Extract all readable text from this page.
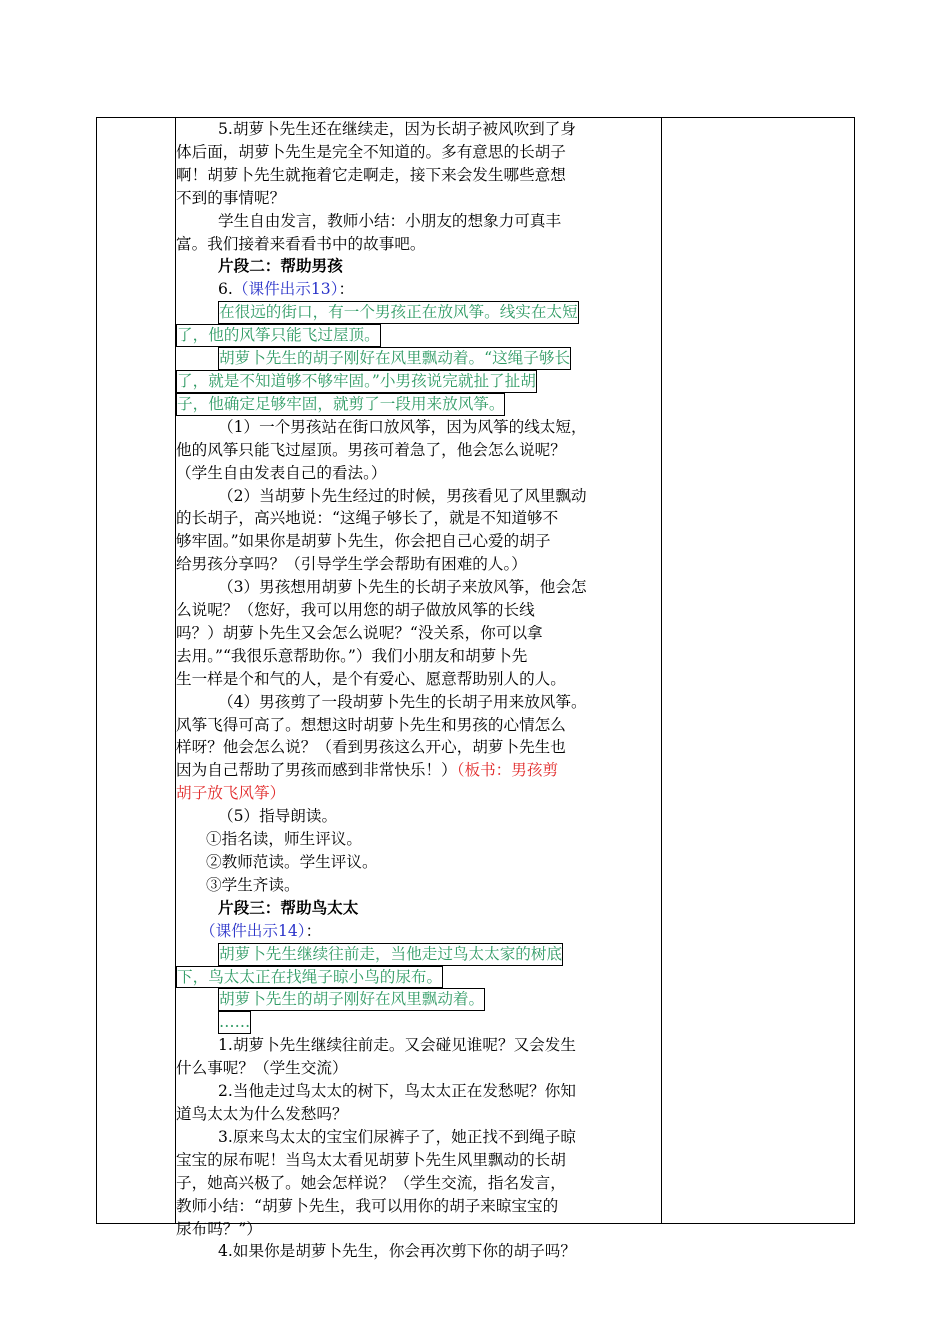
5.胡萝卜先生还在继续走，因为长胡子被风吹到了身

体后面，胡萝卜先生是完全不知道的。多有意思的长胡子

啊！胡萝卜先生就拖着它走啊走，接下来会发生哪些意想

不到的事情呢？

学生自由发言，教师小结：小朋友的想象力可真丰

富。我们接着来看看书中的故事吧。

片段二：帮助男孩

6.（课件出示13）：

在很远的街口，有一个男孩正在放风筝。线实在太短

了，他的风筝只能飞过屋顶。

胡萝卜先生的胡子刚好在风里飘动着。“这绳子够长

了，就是不知道够不够牢固。”小男孩说完就扯了扯胡

子，他确定足够牢固，就剪了一段用来放风筝。

（1）一个男孩站在街口放风筝，因为风筝的线太短，

他的风筝只能飞过屋顶。男孩可着急了，他会怎么说呢？

（学生自由发表自己的看法。）

（2）当胡萝卜先生经过的时候，男孩看见了风里飘动

的长胡子，高兴地说：“这绳子够长了，就是不知道够不

够牢固。”如果你是胡萝卜先生，你会把自己心爱的胡子

给男孩分享吗？（引导学生学会帮助有困难的人。）

（3）男孩想用胡萝卜先生的长胡子来放风筝，他会怎

么说呢？（您好，我可以用您的胡子做放风筝的长线

吗？）胡萝卜先生又会怎么说呢？“没关系，你可以拿

去用。”“我很乐意帮助你。”）我们小朋友和胡萝卜先

生一样是个和气的人，是个有爱心、愿意帮助别人的人。

（4）男孩剪了一段胡萝卜先生的长胡子用来放风筝。

风筝飞得可高了。想想这时胡萝卜先生和男孩的心情怎么

样呀？他会怎么说？（看到男孩这么开心，胡萝卜先生也

因为自己帮助了男孩而感到非常快乐！）（板书：男孩剪

胡子放飞风筝）

（5）指导朗读。

①指名读，师生评议。

②教师范读。学生评议。

③学生齐读。

片段三：帮助鸟太太

（课件出示14）：

胡萝卜先生继续往前走，当他走过鸟太太家的树底

下，鸟太太正在找绳子晾小鸟的尿布。

胡萝卜先生的胡子刚好在风里飘动着。

……

1.胡萝卜先生继续往前走。又会碰见谁呢？又会发生

什么事呢？（学生交流）

2.当他走过鸟太太的树下，鸟太太正在发愁呢？你知

道鸟太太为什么发愁吗？

3.原来鸟太太的宝宝们尿裤子了，她正找不到绳子晾

宝宝的尿布呢！当鸟太太看见胡萝卜先生风里飘动的长胡

子，她高兴极了。她会怎样说？（学生交流，指名发言，

教师小结：“胡萝卜先生，我可以用你的胡子来晾宝宝的

尿布吗？”）

4.如果你是胡萝卜先生，你会再次剪下你的胡子吗？
